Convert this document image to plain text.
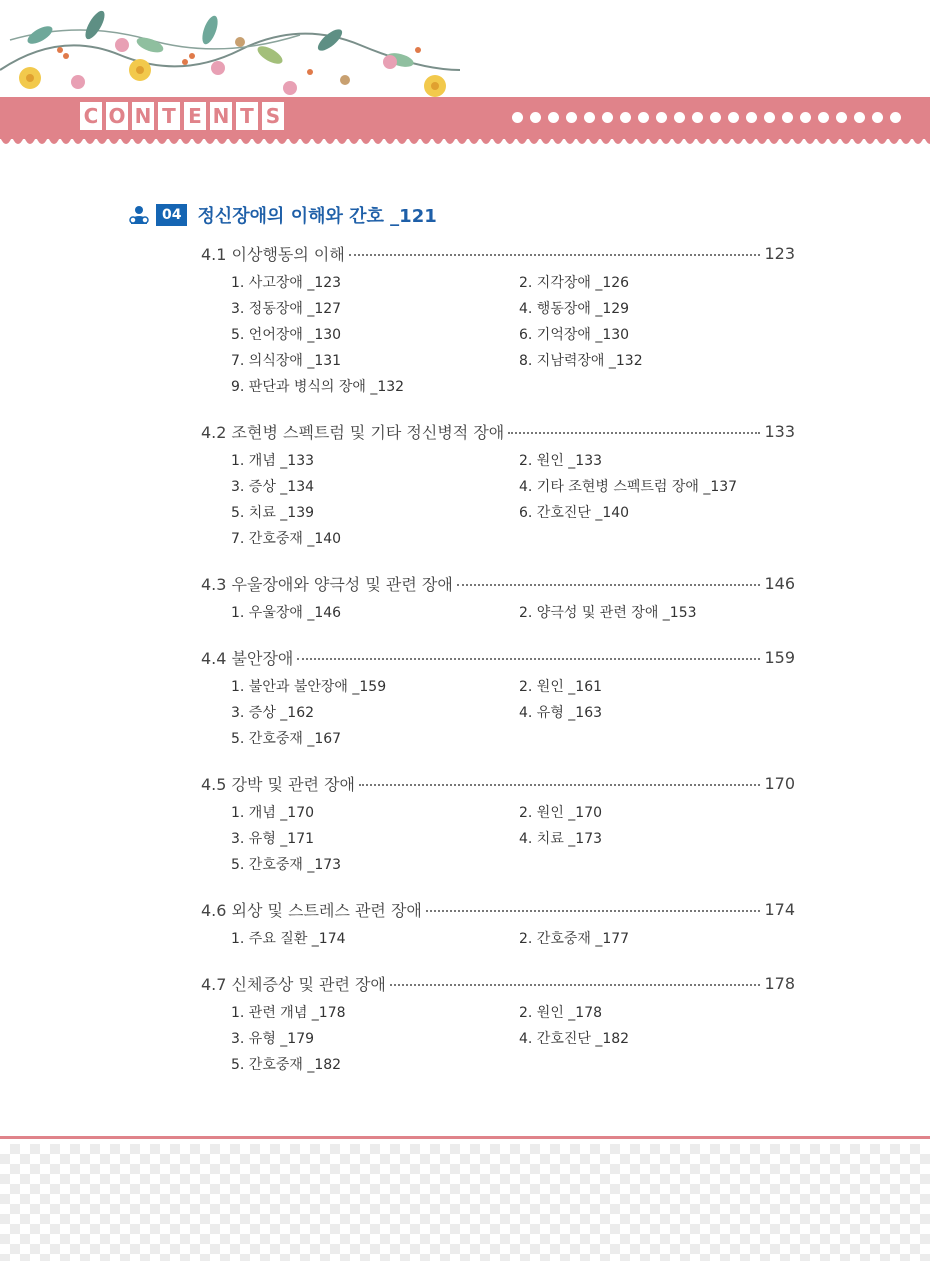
C O N T E N T S
04 정신장애의 이해와 간호 _121
4.1 이상행동의 이해	123
1. 사고장애 _123	2. 지각장애 _126
3. 정동장애 _127	4. 행동장애 _129
5. 언어장애 _130	6. 기억장애 _130
7. 의식장애 _131	8. 지남력장애 _132
9. 판단과 병식의 장애 _132
4.2 조현병 스펙트럼 및 기타 정신병적 장애	133
1. 개념 _133	2. 원인 _133
3. 증상 _134	4. 기타 조현병 스펙트럼 장애 _137
5. 치료 _139	6. 간호진단 _140
7. 간호중재 _140
4.3 우울장애와 양극성 및 관련 장애	146
1. 우울장애 _146	2. 양극성 및 관련 장애 _153
4.4 불안장애	159
1. 불안과 불안장애 _159	2. 원인 _161
3. 증상 _162	4. 유형 _163
5. 간호중재 _167
4.5 강박 및 관련 장애	170
1. 개념 _170	2. 원인 _170
3. 유형 _171	4. 치료 _173
5. 간호중재 _173
4.6 외상 및 스트레스 관련 장애	174
1. 주요 질환 _174	2. 간호중재 _177
4.7 신체증상 및 관련 장애	178
1. 관련 개념 _178	2. 원인 _178
3. 유형 _179	4. 간호진단 _182
5. 간호중재 _182
